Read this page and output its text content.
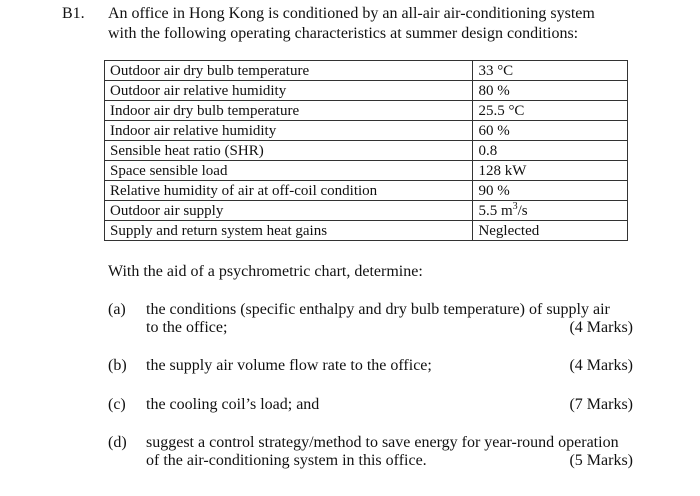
B1. An office in Hong Kong is conditioned by an all-air air-conditioning system
with the following operating characteristics at summer design conditions:
Outdoor air dry bulb temperature	33 °C
Outdoor air relative humidity	80 %
Indoor air dry bulb temperature	25.5 °C
Indoor air relative humidity	60 %
Sensible heat ratio (SHR)	0.8
Space sensible load	128 kW
Relative humidity of air at off-coil condition	90 %
Outdoor air supply	5.5 $m^3/s$
Supply and return system heat gains	Neglected
With the aid of a psychrometric chart, determine:
(a)	the conditions (specific enthalpy and dry bulb temperature) of supply air
to the office;	(4 Marks)
(b)	the supply air volume flow rate to the office;	(4 Marks)
(c)	the cooling coil’s load; and	(7 Marks)
(d)	suggest a control strategy/method to save energy for year-round operation
of the air-conditioning system in this office.	(5 Marks)
